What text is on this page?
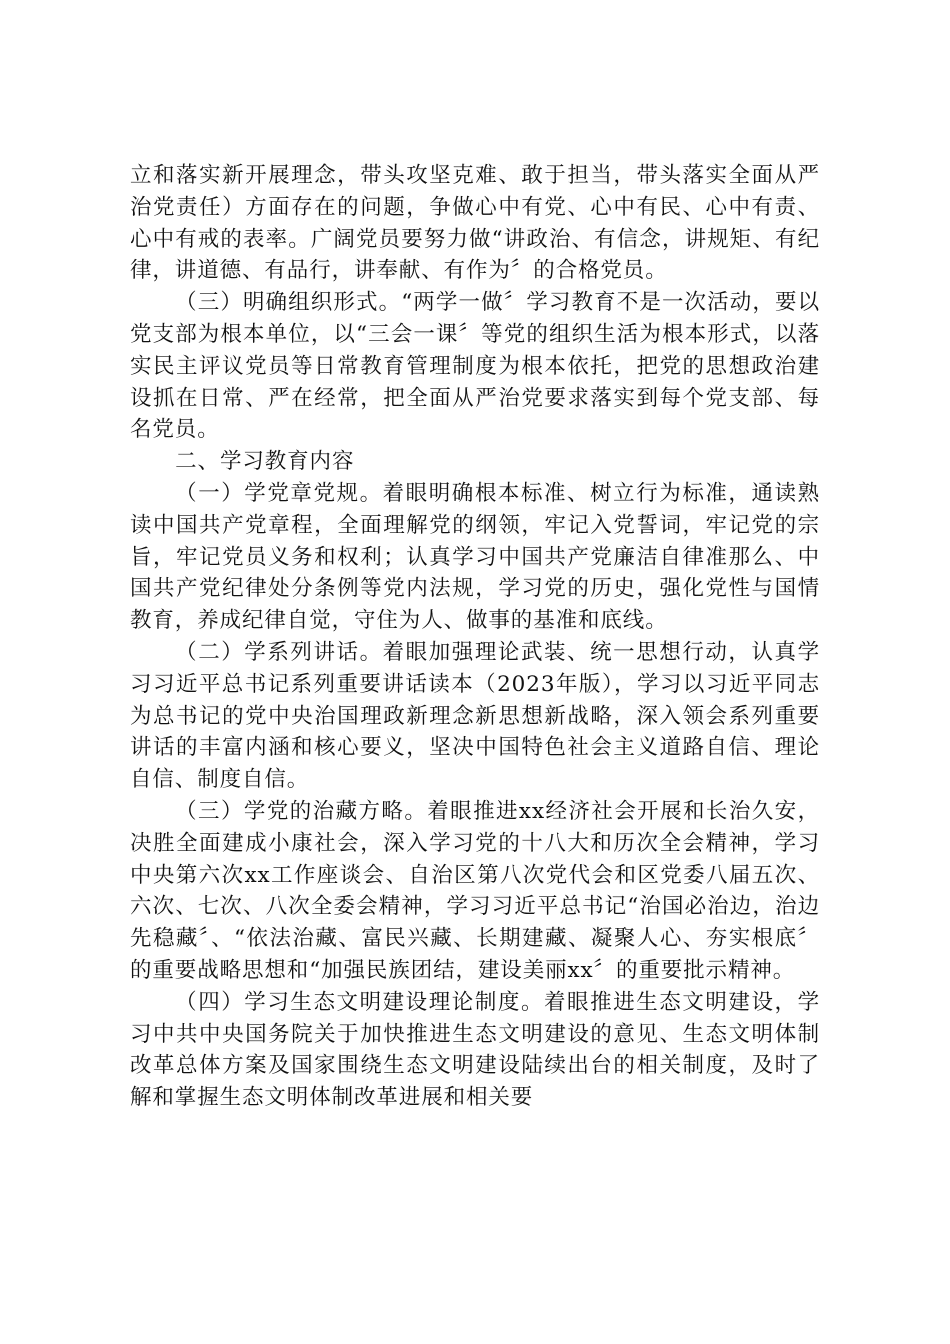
立和落实新开展理念，带头攻坚克难、敢于担当，带头落实全面从严治党责任）方面存在的问题，争做心中有党、心中有民、心中有责、心中有戒的表率。广阔党员要努力做“讲政治、有信念，讲规矩、有纪律，讲道德、有品行，讲奉献、有作为〞的合格党员。

（三）明确组织形式。“两学一做〞学习教育不是一次活动，要以党支部为根本单位，以“三会一课〞等党的组织生活为根本形式，以落实民主评议党员等日常教育管理制度为根本依托，把党的思想政治建设抓在日常、严在经常，把全面从严治党要求落实到每个党支部、每名党员。

二、学习教育内容

（一）学党章党规。着眼明确根本标准、树立行为标准，通读熟读中国共产党章程，全面理解党的纲领，牢记入党誓词，牢记党的宗旨，牢记党员义务和权利；认真学习中国共产党廉洁自律准那么、中国共产党纪律处分条例等党内法规，学习党的历史，强化党性与国情教育，养成纪律自觉，守住为人、做事的基准和底线。

（二）学系列讲话。着眼加强理论武装、统一思想行动，认真学习习近平总书记系列重要讲话读本（2023年版），学习以习近平同志为总书记的党中央治国理政新理念新思想新战略，深入领会系列重要讲话的丰富内涵和核心要义，坚决中国特色社会主义道路自信、理论自信、制度自信。

（三）学党的治藏方略。着眼推进xx经济社会开展和长治久安，决胜全面建成小康社会，深入学习党的十八大和历次全会精神，学习中央第六次xx工作座谈会、自治区第八次党代会和区党委八届五次、六次、七次、八次全委会精神，学习习近平总书记“治国必治边，治边先稳藏〞、“依法治藏、富民兴藏、长期建藏、凝聚人心、夯实根底〞的重要战略思想和“加强民族团结，建设美丽xx〞的重要批示精神。

（四）学习生态文明建设理论制度。着眼推进生态文明建设，学习中共中央国务院关于加快推进生态文明建设的意见、生态文明体制改革总体方案及国家围绕生态文明建设陆续出台的相关制度，及时了解和掌握生态文明体制改革进展和相关要
